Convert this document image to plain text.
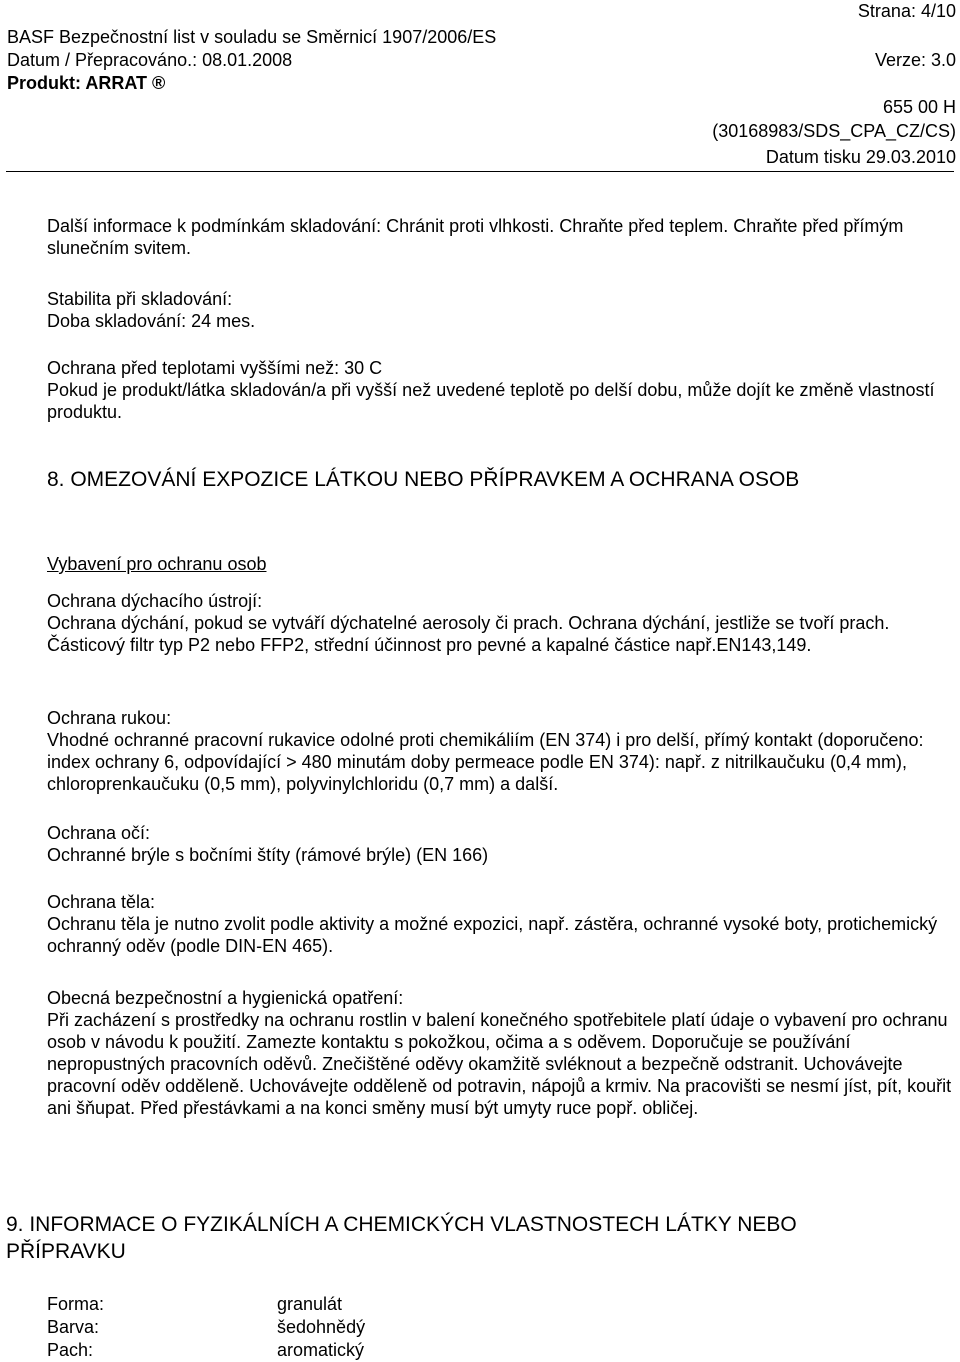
Strana: 4/10
BASF Bezpečnostní list v souladu se Směrnicí 1907/2006/ES
Datum / Přepracováno.: 08.01.2008	Verze: 3.0
Produkt: ARRAT ®
655 00 H
(30168983/SDS_CPA_CZ/CS)
Datum tisku 29.03.2010

Další informace k podmínkám skladování: Chránit proti vlhkosti. Chraňte před teplem. Chraňte před přímým slunečním svitem.

Stabilita při skladování:

Doba skladování: 24 mes.

Ochrana před teplotami vyššími než: 30 C

Pokud je produkt/látka skladován/a při vyšší než uvedené teplotě po delší dobu, může dojít ke změně vlastností produktu.

8. OMEZOVÁNÍ EXPOZICE LÁTKOU NEBO PŘÍPRAVKEM A OCHRANA OSOB

Vybavení pro ochranu osob

Ochrana dýchacího ústrojí:

Ochrana dýchání, pokud se vytváří dýchatelné aerosoly či prach. Ochrana dýchání, jestliže se tvoří prach. Částicový filtr typ P2 nebo FFP2, střední účinnost pro pevné a kapalné částice např.EN143,149.

Ochrana rukou:

Vhodné ochranné pracovní rukavice odolné proti chemikáliím (EN 374) i pro delší, přímý kontakt (doporučeno: index ochrany 6, odpovídající > 480 minutám doby permeace podle EN 374): např. z nitrilkaučuku (0,4 mm), chloroprenkaučuku (0,5 mm), polyvinylchloridu (0,7 mm) a další.

Ochrana očí:

Ochranné brýle s bočními štíty (rámové brýle) (EN 166)

Ochrana těla:

Ochranu těla je nutno zvolit podle aktivity a možné expozici, např. zástěra, ochranné vysoké boty, protichemický ochranný oděv (podle DIN-EN 465).

Obecná bezpečnostní a hygienická opatření:

Při zacházení s prostředky na ochranu rostlin v balení konečného spotřebitele platí údaje o vybavení pro ochranu osob v návodu k použití. Zamezte kontaktu s pokožkou, očima a s oděvem. Doporučuje se používání nepropustných pracovních oděvů. Znečištěné oděvy okamžitě svléknout a bezpečně odstranit. Uchovávejte pracovní oděv odděleně. Uchovávejte odděleně od potravin, nápojů a krmiv. Na pracovišti se nesmí jíst, pít, kouřit ani šňupat. Před přestávkami a na konci směny musí být umyty ruce popř. obličej.

9. INFORMACE O FYZIKÁLNÍCH A CHEMICKÝCH VLASTNOSTECH LÁTKY NEBO
PŘÍPRAVKU
Forma:	granulát
Barva:	šedohnědý
Pach:	aromatický
